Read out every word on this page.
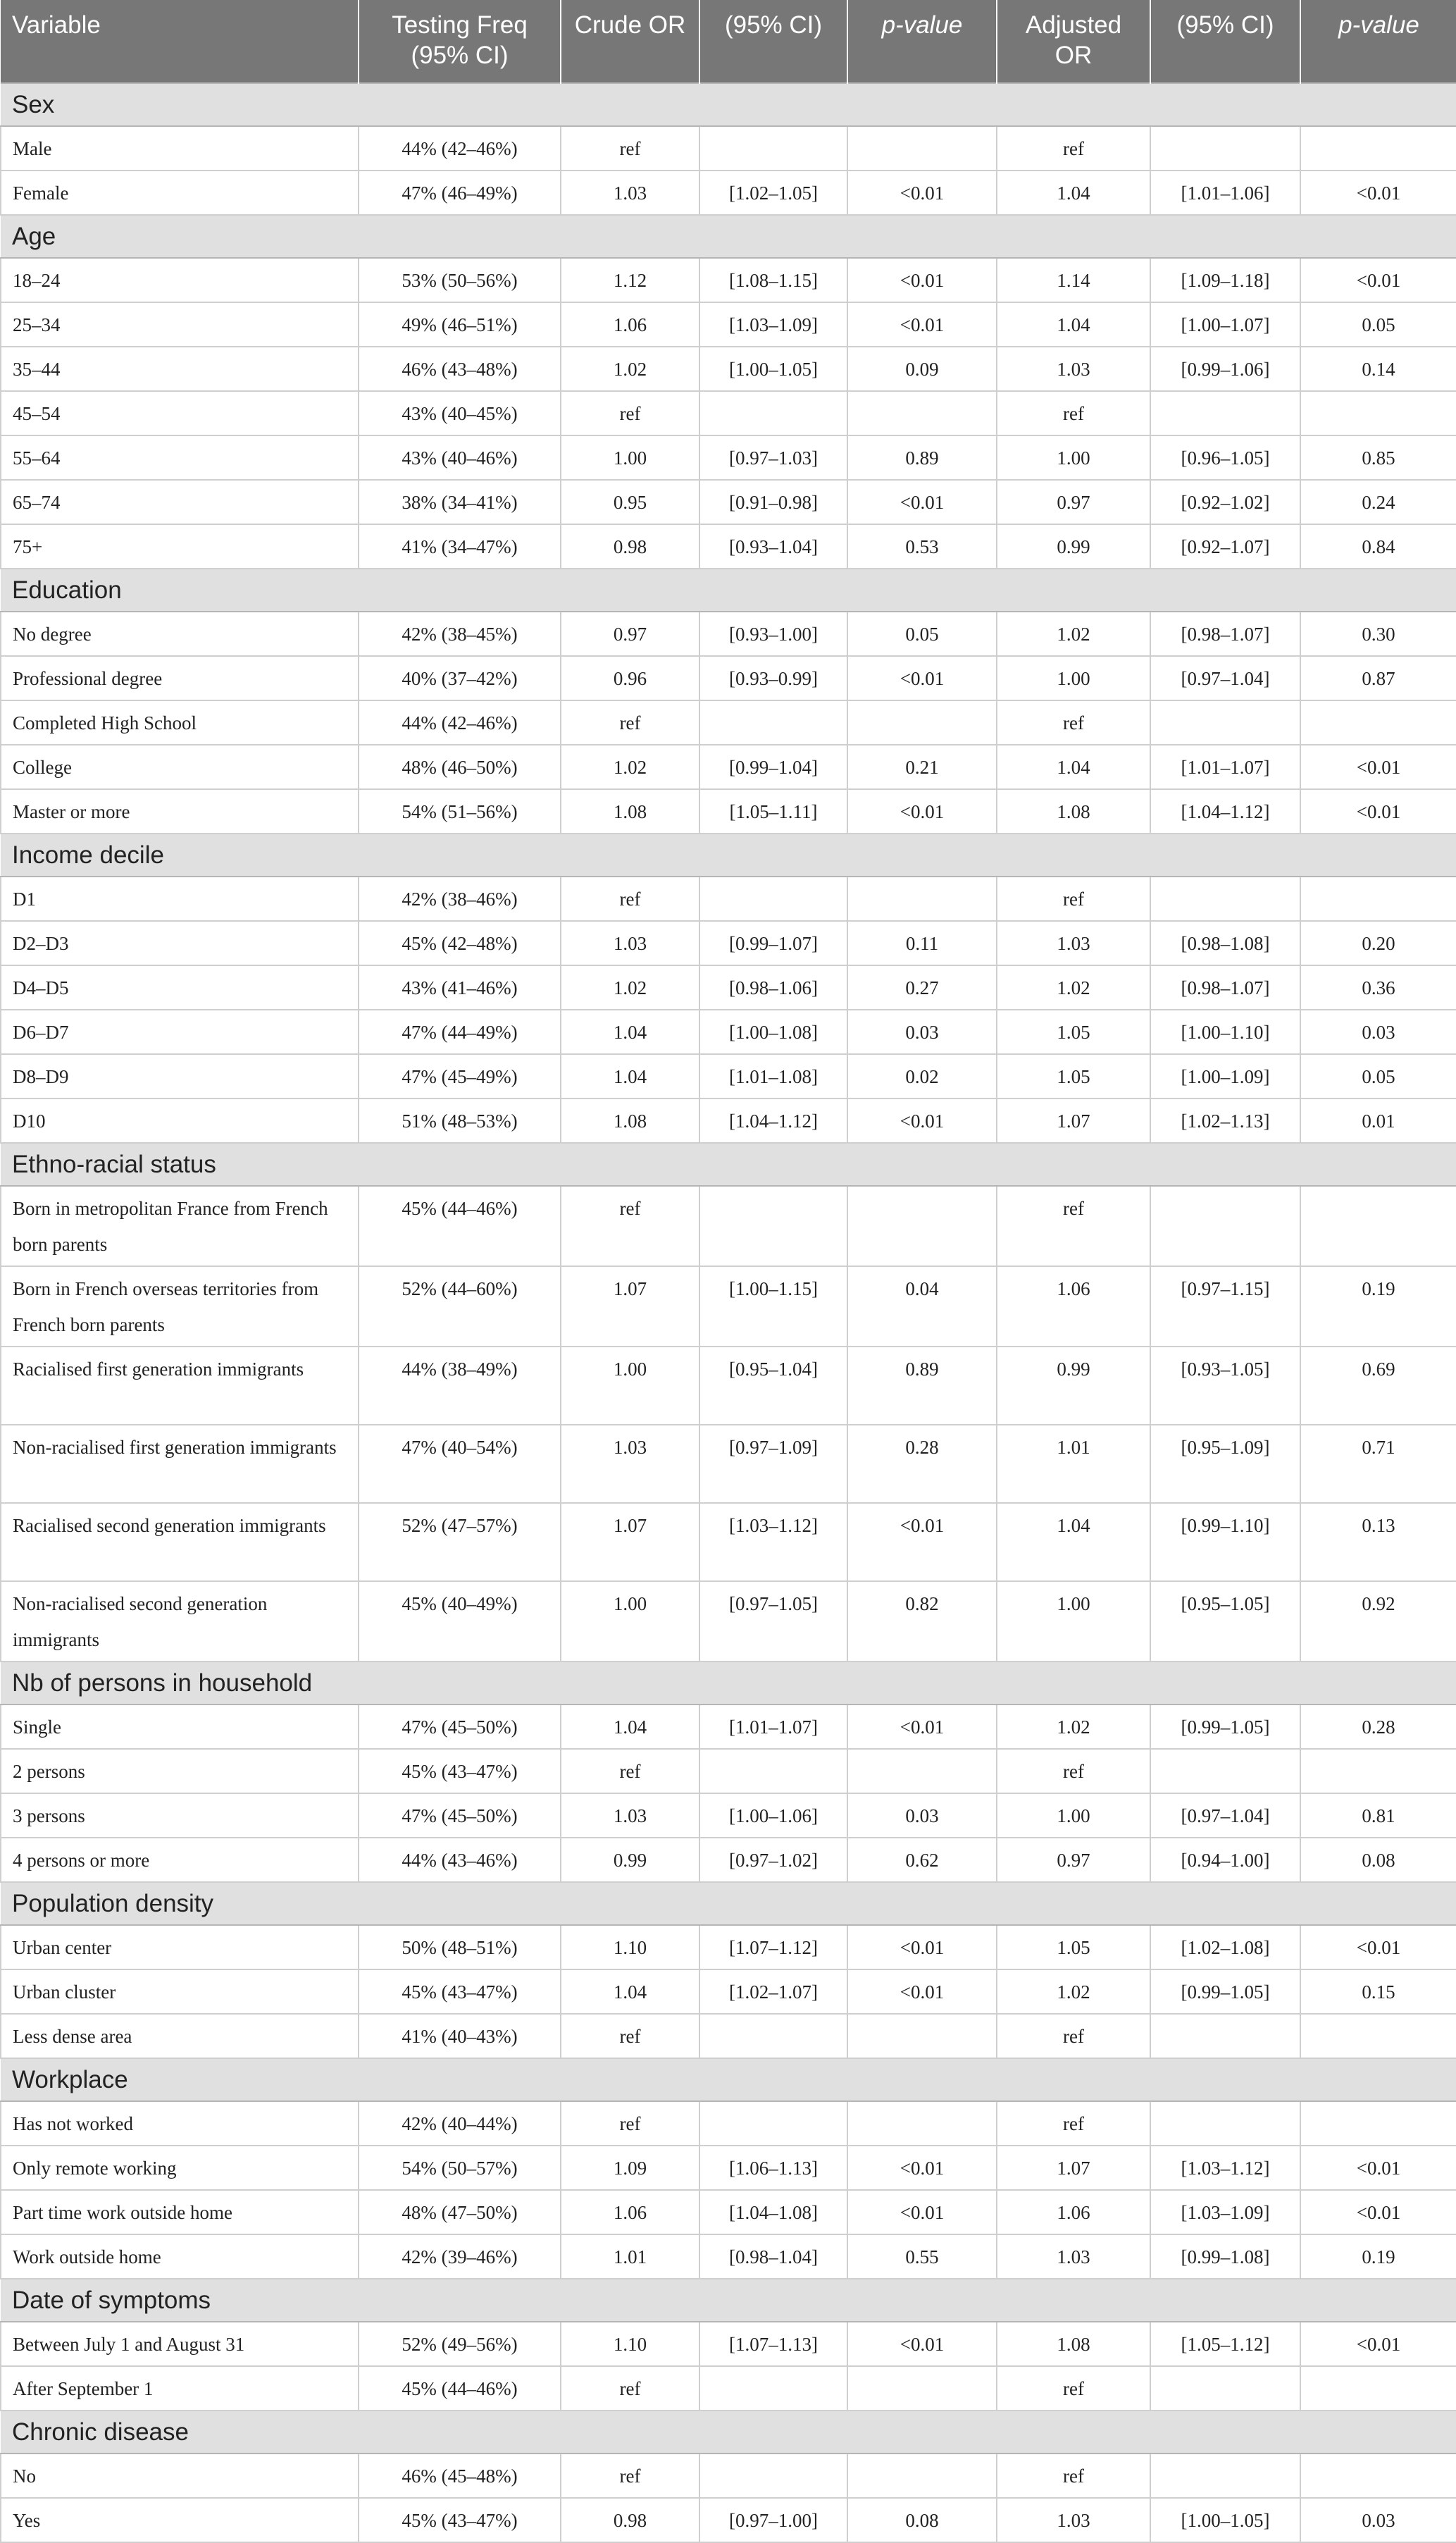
Variable	Testing Freq (95% CI)	Crude OR	(95% CI)	p-value	Adjusted OR	(95% CI)	p-value
Sex							
Male	44% (42–46%)	ref			ref		
Female	47% (46–49%)	1.03	[1.02–1.05]	<0.01	1.04	[1.01–1.06]	<0.01
Age							
18–24	53% (50–56%)	1.12	[1.08–1.15]	<0.01	1.14	[1.09–1.18]	<0.01
25–34	49% (46–51%)	1.06	[1.03–1.09]	<0.01	1.04	[1.00–1.07]	0.05
35–44	46% (43–48%)	1.02	[1.00–1.05]	0.09	1.03	[0.99–1.06]	0.14
45–54	43% (40–45%)	ref			ref		
55–64	43% (40–46%)	1.00	[0.97–1.03]	0.89	1.00	[0.96–1.05]	0.85
65–74	38% (34–41%)	0.95	[0.91–0.98]	<0.01	0.97	[0.92–1.02]	0.24
75+	41% (34–47%)	0.98	[0.93–1.04]	0.53	0.99	[0.92–1.07]	0.84
Education							
No degree	42% (38–45%)	0.97	[0.93–1.00]	0.05	1.02	[0.98–1.07]	0.30
Professional degree	40% (37–42%)	0.96	[0.93–0.99]	<0.01	1.00	[0.97–1.04]	0.87
Completed High School	44% (42–46%)	ref			ref		
College	48% (46–50%)	1.02	[0.99–1.04]	0.21	1.04	[1.01–1.07]	<0.01
Master or more	54% (51–56%)	1.08	[1.05–1.11]	<0.01	1.08	[1.04–1.12]	<0.01
Income decile							
D1	42% (38–46%)	ref			ref		
D2–D3	45% (42–48%)	1.03	[0.99–1.07]	0.11	1.03	[0.98–1.08]	0.20
D4–D5	43% (41–46%)	1.02	[0.98–1.06]	0.27	1.02	[0.98–1.07]	0.36
D6–D7	47% (44–49%)	1.04	[1.00–1.08]	0.03	1.05	[1.00–1.10]	0.03
D8–D9	47% (45–49%)	1.04	[1.01–1.08]	0.02	1.05	[1.00–1.09]	0.05
D10	51% (48–53%)	1.08	[1.04–1.12]	<0.01	1.07	[1.02–1.13]	0.01
Ethno-racial status							
Born in metropolitan France from French born parents	45% (44–46%)	ref			ref		
Born in French overseas territories from French born parents	52% (44–60%)	1.07	[1.00–1.15]	0.04	1.06	[0.97–1.15]	0.19
Racialised first generation immigrants	44% (38–49%)	1.00	[0.95–1.04]	0.89	0.99	[0.93–1.05]	0.69
Non-racialised first generation immigrants	47% (40–54%)	1.03	[0.97–1.09]	0.28	1.01	[0.95–1.09]	0.71
Racialised second generation immigrants	52% (47–57%)	1.07	[1.03–1.12]	<0.01	1.04	[0.99–1.10]	0.13
Non-racialised second generation immigrants	45% (40–49%)	1.00	[0.97–1.05]	0.82	1.00	[0.95–1.05]	0.92
Nb of persons in household							
Single	47% (45–50%)	1.04	[1.01–1.07]	<0.01	1.02	[0.99–1.05]	0.28
2 persons	45% (43–47%)	ref			ref		
3 persons	47% (45–50%)	1.03	[1.00–1.06]	0.03	1.00	[0.97–1.04]	0.81
4 persons or more	44% (43–46%)	0.99	[0.97–1.02]	0.62	0.97	[0.94–1.00]	0.08
Population density							
Urban center	50% (48–51%)	1.10	[1.07–1.12]	<0.01	1.05	[1.02–1.08]	<0.01
Urban cluster	45% (43–47%)	1.04	[1.02–1.07]	<0.01	1.02	[0.99–1.05]	0.15
Less dense area	41% (40–43%)	ref			ref		
Workplace							
Has not worked	42% (40–44%)	ref			ref		
Only remote working	54% (50–57%)	1.09	[1.06–1.13]	<0.01	1.07	[1.03–1.12]	<0.01
Part time work outside home	48% (47–50%)	1.06	[1.04–1.08]	<0.01	1.06	[1.03–1.09]	<0.01
Work outside home	42% (39–46%)	1.01	[0.98–1.04]	0.55	1.03	[0.99–1.08]	0.19
Date of symptoms							
Between July 1 and August 31	52% (49–56%)	1.10	[1.07–1.13]	<0.01	1.08	[1.05–1.12]	<0.01
After September 1	45% (44–46%)	ref			ref		
Chronic disease							
No	46% (45–48%)	ref			ref		
Yes	45% (43–47%)	0.98	[0.97–1.00]	0.08	1.03	[1.00–1.05]	0.03
